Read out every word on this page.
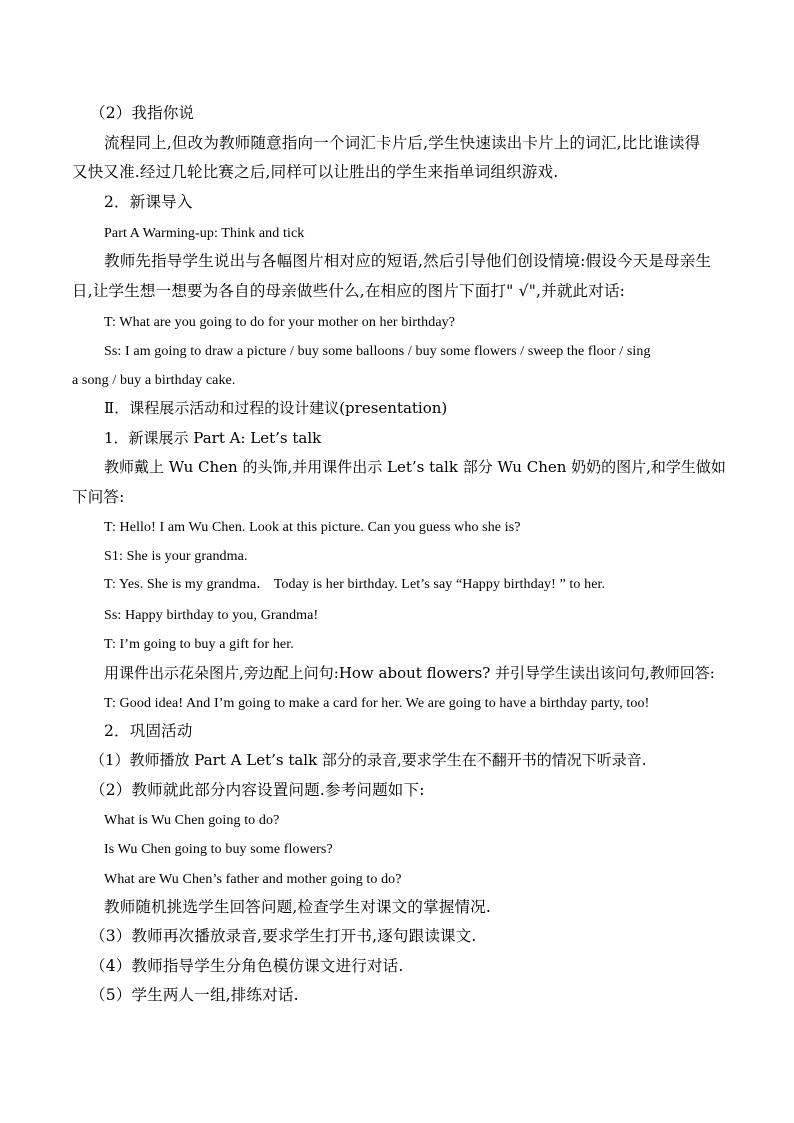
（2）我指你说
流程同上,但改为教师随意指向一个词汇卡片后,学生快速读出卡片上的词汇,比比谁读得
又快又准.经过几轮比赛之后,同样可以让胜出的学生来指单词组织游戏.
2．新课导入
Part A Warming-up: Think and tick
教师先指导学生说出与各幅图片相对应的短语,然后引导他们创设情境:假设今天是母亲生
日,让学生想一想要为各自的母亲做些什么,在相应的图片下面打" √",并就此对话:
T: What are you going to do for your mother on her birthday?
Ss: I am going to draw a picture / buy some balloons / buy some flowers / sweep the floor / sing
a song / buy a birthday cake.
Ⅱ．课程展示活动和过程的设计建议(presentation)
1．新课展示 Part A: Let’s talk
教师戴上 Wu Chen 的头饰,并用课件出示 Let’s talk 部分 Wu Chen 奶奶的图片,和学生做如
下问答:
T: Hello! I am Wu Chen. Look at this picture. Can you guess who she is?
S1: She is your grandma.
T: Yes. She is my grandma． Today is her birthday. Let’s say “Happy birthday! ” to her.
Ss: Happy birthday to you, Grandma!
T: I’m going to buy a gift for her.
用课件出示花朵图片,旁边配上问句:How about flowers? 并引导学生读出该问句,教师回答:
T: Good idea! And I’m going to make a card for her. We are going to have a birthday party, too!
2．巩固活动
（1）教师播放 Part A Let’s talk 部分的录音,要求学生在不翻开书的情况下听录音.
（2）教师就此部分内容设置问题.参考问题如下:
What is Wu Chen going to do?
Is Wu Chen going to buy some flowers?
What are Wu Chen’s father and mother going to do?
教师随机挑选学生回答问题,检查学生对课文的掌握情况.
（3）教师再次播放录音,要求学生打开书,逐句跟读课文.
（4）教师指导学生分角色模仿课文进行对话.
（5）学生两人一组,排练对话.
